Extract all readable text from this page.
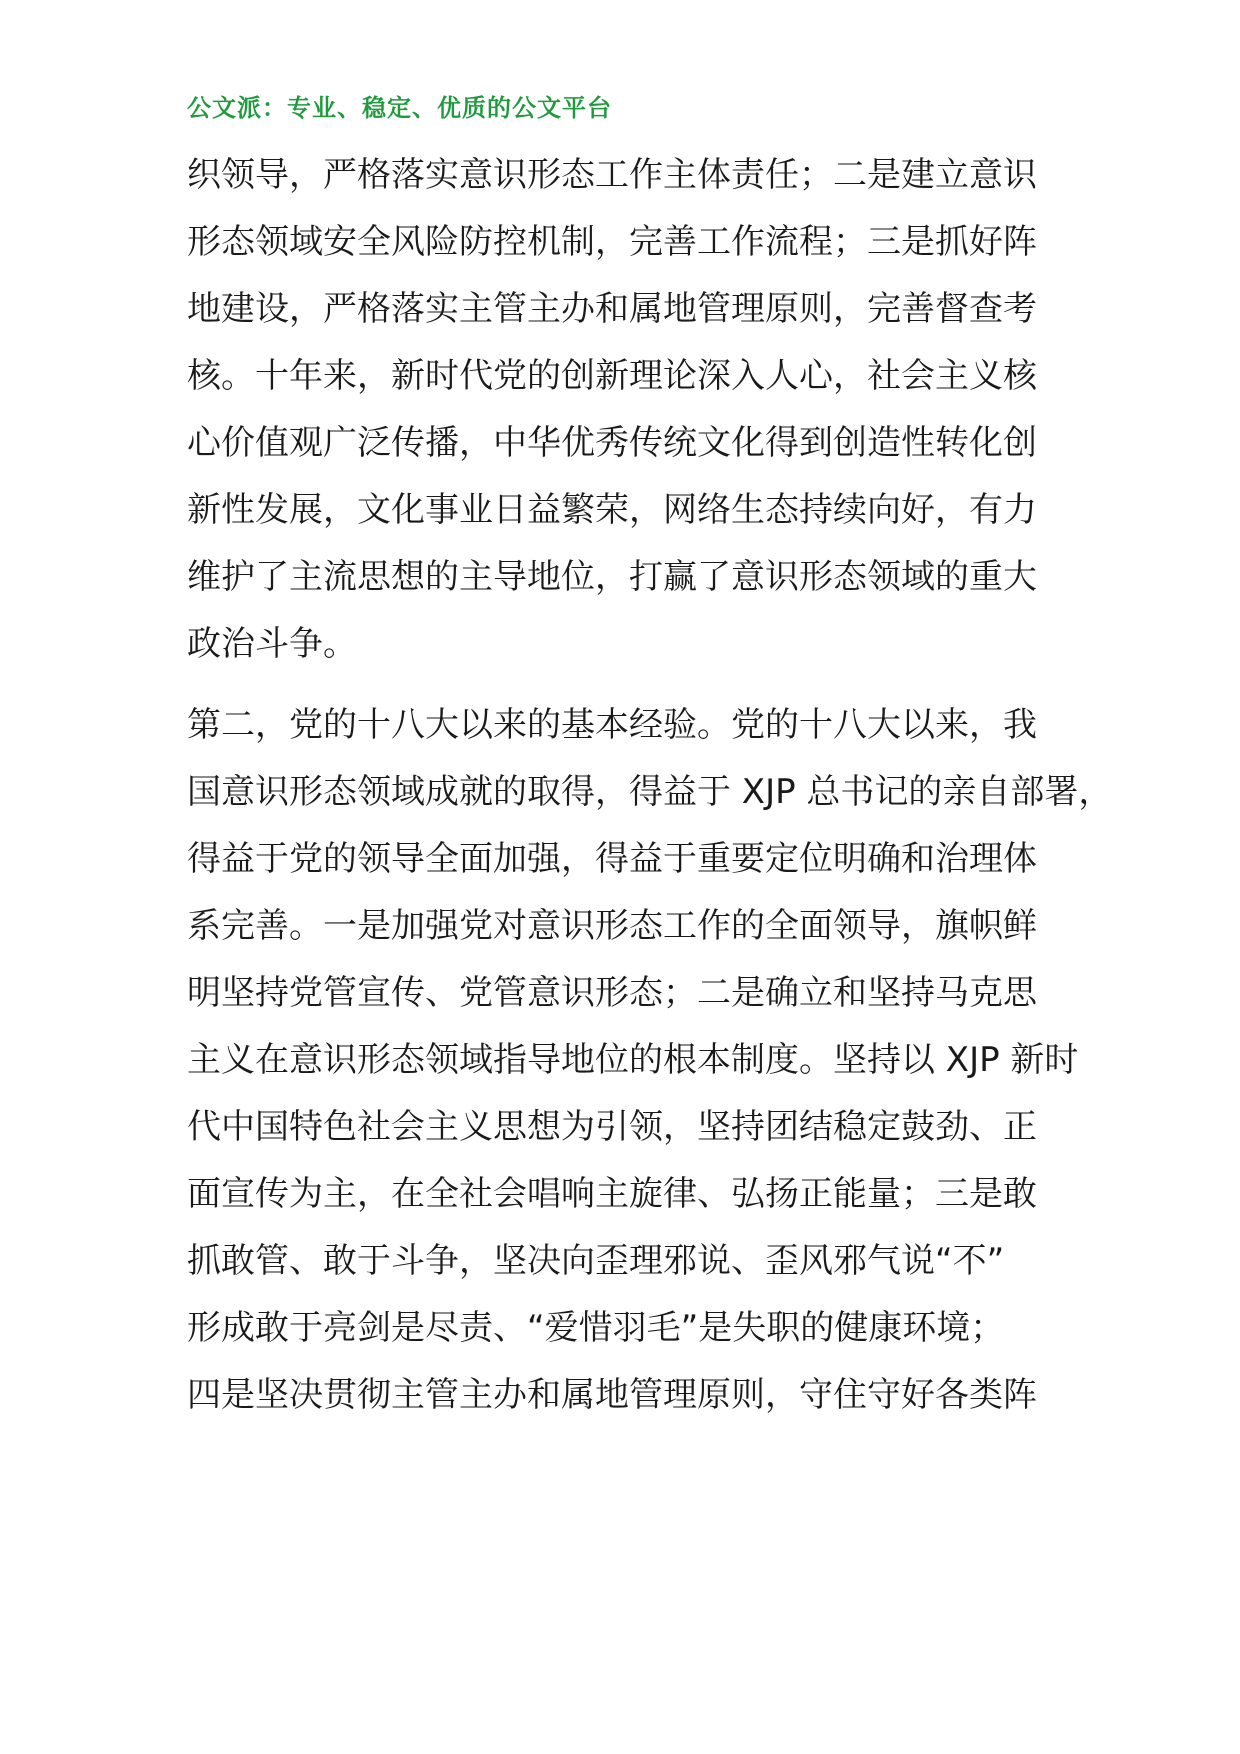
公文派：专业、稳定、优质的公文平台
织领导，严格落实意识形态工作主体责任；二是建立意识
形态领域安全风险防控机制，完善工作流程；三是抓好阵
地建设，严格落实主管主办和属地管理原则，完善督查考
核。十年来，新时代党的创新理论深入人心，社会主义核
心价值观广泛传播，中华优秀传统文化得到创造性转化创
新性发展，文化事业日益繁荣，网络生态持续向好，有力
维护了主流思想的主导地位，打赢了意识形态领域的重大
政治斗争。
第二，党的十八大以来的基本经验。党的十八大以来，我
国意识形态领域成就的取得，得益于 XJP 总书记的亲自部署，
得益于党的领导全面加强，得益于重要定位明确和治理体
系完善。一是加强党对意识形态工作的全面领导，旗帜鲜
明坚持党管宣传、党管意识形态；二是确立和坚持马克思
主义在意识形态领域指导地位的根本制度。坚持以 XJP 新时
代中国特色社会主义思想为引领，坚持团结稳定鼓劲、正
面宣传为主，在全社会唱响主旋律、弘扬正能量；三是敢
抓敢管、敢于斗争，坚决向歪理邪说、歪风邪气说“不”
形成敢于亮剑是尽责、“爱惜羽毛”是失职的健康环境；
四是坚决贯彻主管主办和属地管理原则，守住守好各类阵
